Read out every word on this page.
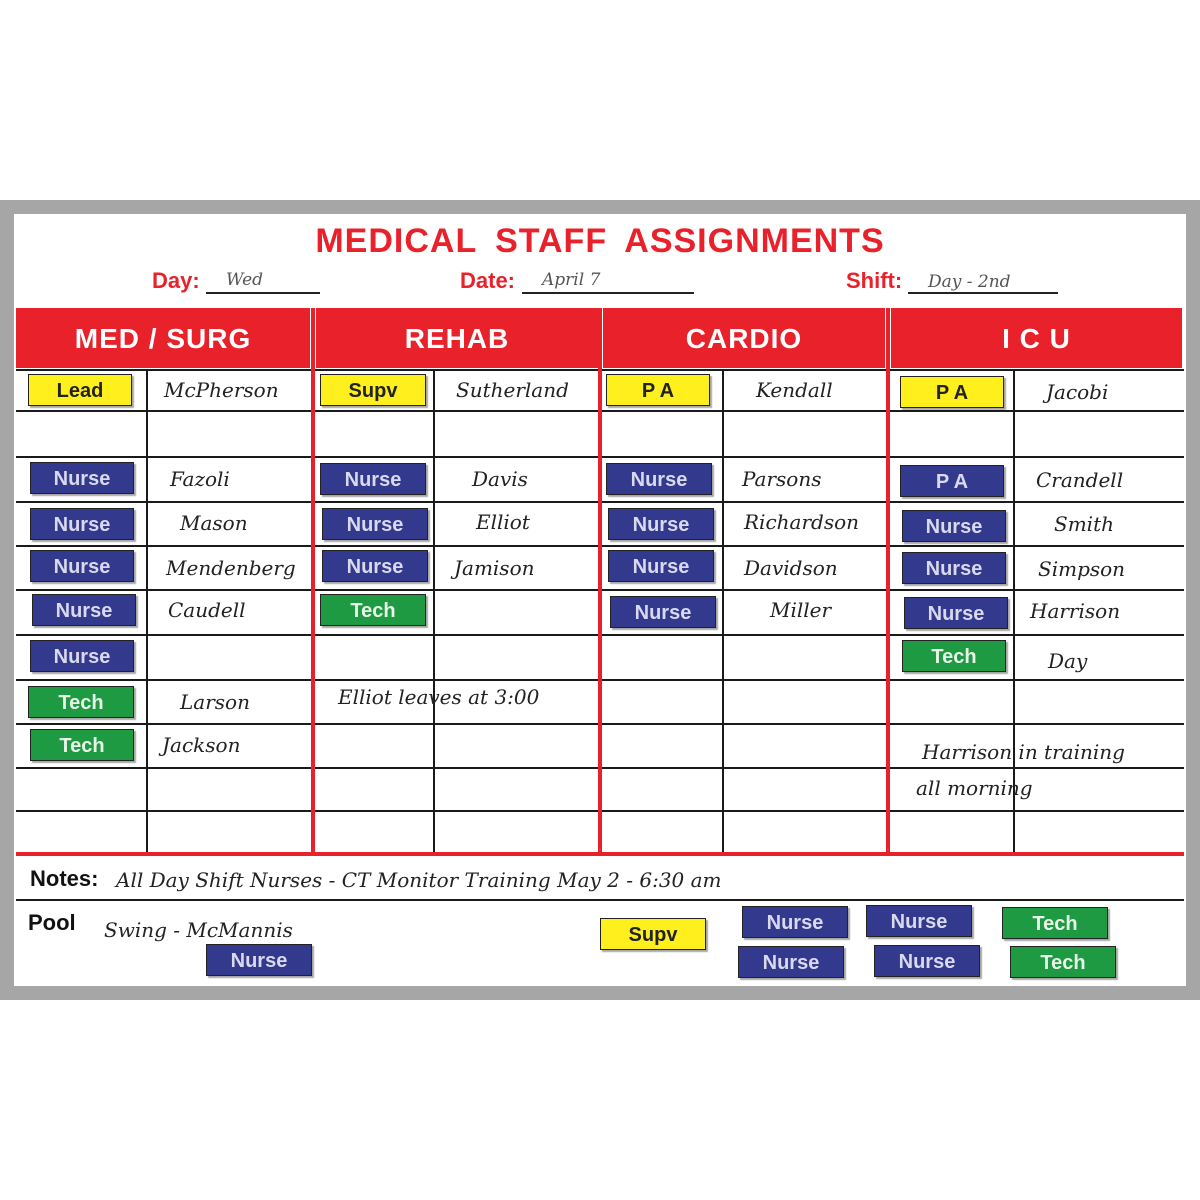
MEDICAL STAFF ASSIGNMENTS
Day: Wed	Date: April 7	Shift: Day - 2nd
MED / SURG	REHAB	CARDIO	I C U
Lead	McPherson
Nurse	Fazoli
Nurse	Mason
Nurse	Mendenberg
Nurse	Caudell
Nurse
Tech	Larson
Tech	Jackson
Supv	Sutherland
Nurse	Davis
Nurse	Elliot
Nurse	Jamison
Tech
Elliot leaves at 3:00
P A	Kendall
Nurse	Parsons
Nurse	Richardson
Nurse	Davidson
Nurse	Miller
P A	Jacobi
P A	Crandell
Nurse	Smith
Nurse	Simpson
Nurse	Harrison
Tech	Day
Harrison in training
all morning
Notes: All Day Shift Nurses - CT Monitor Training May 2 - 6:30 am
Pool Swing - McMannis
Nurse
Supv
Nurse
Nurse
Nurse
Nurse
Tech
Tech
